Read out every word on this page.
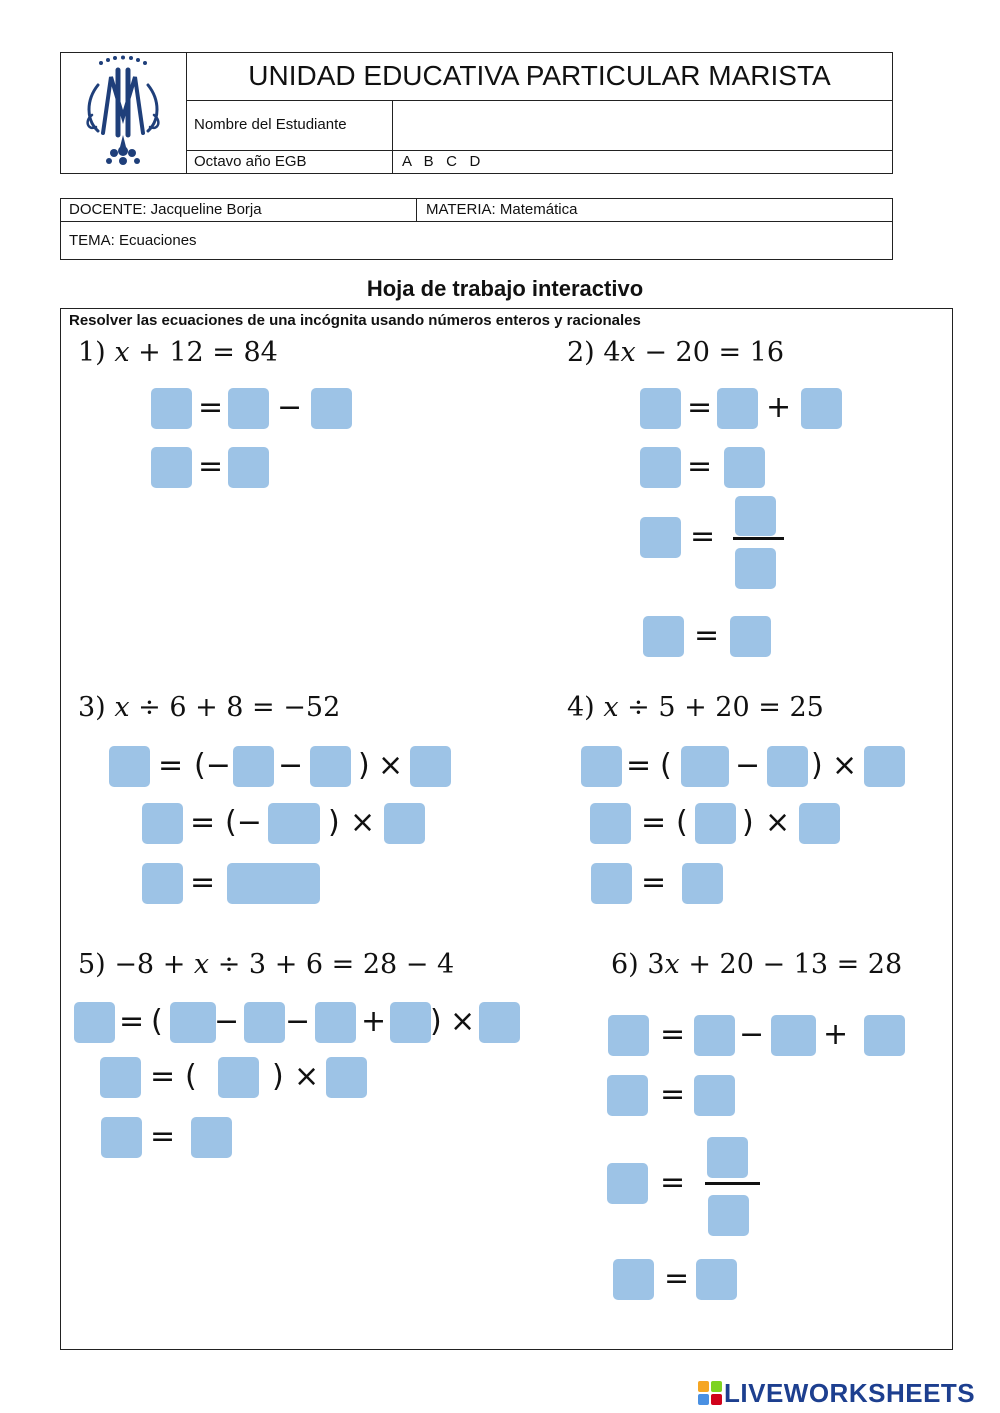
UNIDAD EDUCATIVA PARTICULAR MARISTA
Nombre del Estudiante
Octavo año EGB	A   B   C   D
DOCENTE: Jacqueline Borja	MATERIA: Matemática
TEMA: Ecuaciones
Hoja de trabajo interactivo
Resolver las ecuaciones de una incógnita usando números enteros y racionales
1) x + 12 = 84
= −
=
2) 4x − 20 = 16
= +
=
=
=
3) x ÷ 6 + 8 = −52
= (− − ) ×
= (− ) ×
=
4) x ÷ 5 + 20 = 25
= ( − ) ×
= ( ) ×
=
5) −8 + x ÷ 3 + 6 = 28 − 4
= ( − − + ) ×
= (	) ×
=
6) 3x + 20 − 13 = 28
= − +
=
=
=
LIVEWORKSHEETS
